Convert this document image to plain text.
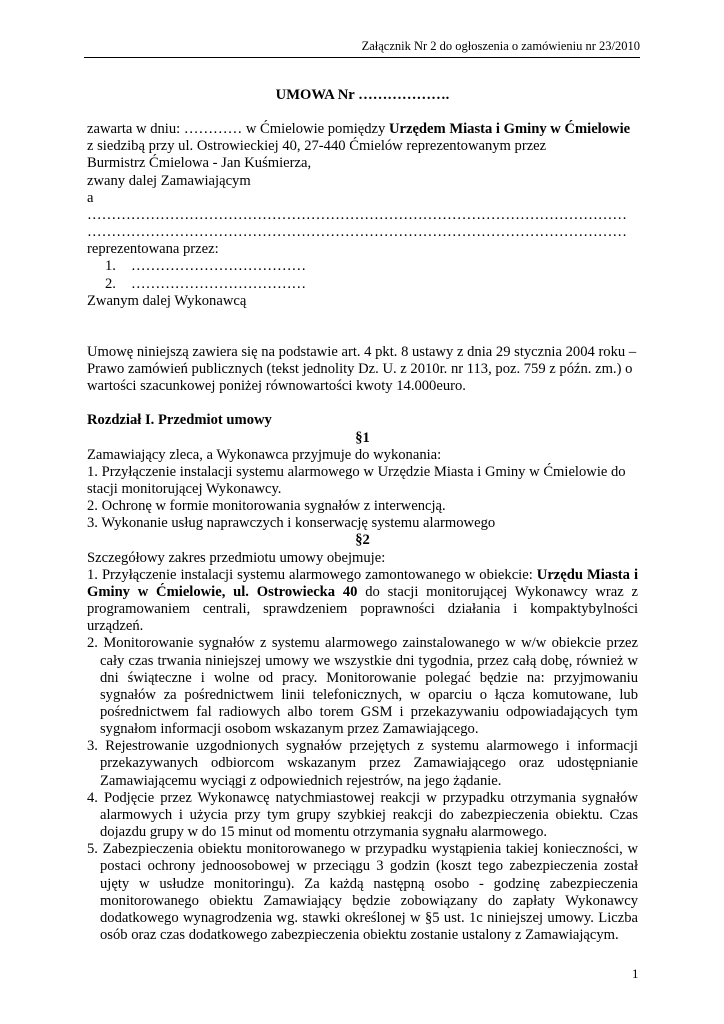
Załącznik Nr 2 do ogłoszenia o zamówieniu nr 23/2010
UMOWA Nr ……………….
zawarta w dniu: ………… w Ćmielowie pomiędzy Urzędem Miasta i Gminy w Ćmielowie
z siedzibą przy ul. Ostrowieckiej 40, 27-440 Ćmielów reprezentowanym przez
Burmistrz Ćmielowa - Jan Kuśmierza,
zwany dalej Zamawiającym
a
…………………………………………………………………………………………………
…………………………………………………………………………………………………
reprezentowana przez:
1. ………………………………
2. ………………………………
Zwanym dalej Wykonawcą
Umowę niniejszą zawiera się na podstawie art. 4 pkt. 8 ustawy z dnia 29 stycznia 2004 roku – Prawo zamówień publicznych (tekst jednolity Dz. U. z 2010r. nr 113, poz. 759 z późn. zm.) o wartości szacunkowej poniżej równowartości kwoty 14.000euro.
Rozdział I. Przedmiot umowy
§1
Zamawiający zleca, a Wykonawca przyjmuje do wykonania:
1. Przyłączenie instalacji systemu alarmowego w Urzędzie Miasta i Gminy w Ćmielowie do stacji monitorującej Wykonawcy.
2. Ochronę w formie monitorowania sygnałów z interwencją.
3. Wykonanie usług naprawczych i konserwację systemu alarmowego
§2
Szczegółowy zakres przedmiotu umowy obejmuje:
1. Przyłączenie instalacji systemu alarmowego zamontowanego w obiekcie: Urzędu Miasta i Gminy w Ćmielowie, ul. Ostrowiecka 40 do stacji monitorującej Wykonawcy wraz z programowaniem centrali, sprawdzeniem poprawności działania i kompaktybylności urządzeń.
2. Monitorowanie sygnałów z systemu alarmowego zainstalowanego w w/w obiekcie przez cały czas trwania niniejszej umowy we wszystkie dni tygodnia, przez całą dobę, również w dni świąteczne i wolne od pracy. Monitorowanie polegać będzie na: przyjmowaniu sygnałów za pośrednictwem linii telefonicznych, w oparciu o łącza komutowane, lub pośrednictwem fal radiowych albo torem GSM i przekazywaniu odpowiadających tym sygnałom informacji osobom wskazanym przez Zamawiającego.
3. Rejestrowanie uzgodnionych sygnałów przejętych z systemu alarmowego i informacji przekazywanych odbiorcom wskazanym przez Zamawiającego oraz udostępnianie Zamawiającemu wyciągi z odpowiednich rejestrów, na jego żądanie.
4. Podjęcie przez Wykonawcę natychmiastowej reakcji w przypadku otrzymania sygnałów alarmowych i użycia przy tym grupy szybkiej reakcji do zabezpieczenia obiektu. Czas dojazdu grupy w do 15 minut od momentu otrzymania sygnału alarmowego.
5. Zabezpieczenia obiektu monitorowanego w przypadku wystąpienia takiej konieczności, w postaci ochrony jednoosobowej w przeciągu 3 godzin (koszt tego zabezpieczenia został ujęty w usłudze monitoringu). Za każdą następną osobo - godzinę zabezpieczenia monitorowanego obiektu Zamawiający będzie zobowiązany do zapłaty Wykonawcy dodatkowego wynagrodzenia wg. stawki określonej w §5 ust. 1c niniejszej umowy. Liczba osób oraz czas dodatkowego zabezpieczenia obiektu zostanie ustalony z Zamawiającym.
1
